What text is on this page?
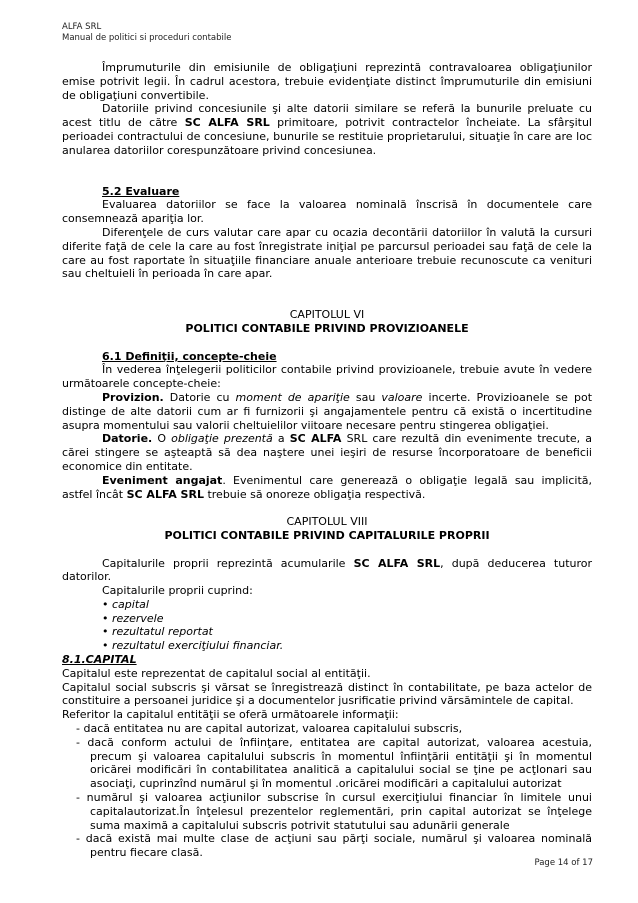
ALFA SRL
Manual de politici si proceduri contabile

Împrumuturile din emisiunile de obligaţiuni reprezintă contravaloarea obligaţiunilor emise potrivit legii. În cadrul acestora, trebuie evidenţiate distinct împrumuturile din emisiuni de obligaţiuni convertibile.

Datoriile privind concesiunile şi alte datorii similare se referă la bunurile preluate cu acest titlu de către SC ALFA SRL primitoare, potrivit contractelor încheiate. La sfârşitul perioadei contractului de concesiune, bunurile se restituie proprietarului, situaţie în care are loc anularea datoriilor corespunzătoare privind concesiunea.

5.2 Evaluare

Evaluarea datoriilor se face la valoarea nominală înscrisă în documentele care consemnează apariţia lor.

Diferenţele de curs valutar care apar cu ocazia decontării datoriilor în valută la cursuri diferite faţă de cele la care au fost înregistrate iniţial pe parcursul perioadei sau faţă de cele la care au fost raportate în situaţiile financiare anuale anterioare trebuie recunoscute ca venituri sau cheltuieli în perioada în care apar.

CAPITOLUL VI

POLITICI CONTABILE PRIVIND PROVIZIOANELE

6.1 Definiţii, concepte-cheie

În vederea înţelegerii politicilor contabile privind provizioanele, trebuie avute în vedere următoarele concepte-cheie:

Provizion. Datorie cu moment de apariţie sau valoare incerte. Provizioanele se pot distinge de alte datorii cum ar fi furnizorii şi angajamentele pentru că există o incertitudine asupra momentului sau valorii cheltuielilor viitoare necesare pentru stingerea obligaţiei.

Datorie. O obligaţie prezentă a SC ALFA SRL care rezultă din evenimente trecute, a cărei stingere se aşteaptă să dea naştere unei ieşiri de resurse încorporatoare de beneficii economice din entitate.

Eveniment angajat. Evenimentul care generează o obligaţie legală sau implicită, astfel încât SC ALFA SRL trebuie să onoreze obligaţia respectivă.

CAPITOLUL VIII

POLITICI CONTABILE PRIVIND CAPITALURILE PROPRII

Capitalurile proprii reprezintă acumularile SC ALFA SRL, după deducerea tuturor datorilor.

Capitalurile proprii cuprind:

• capital
• rezervele
• rezultatul reportat
• rezultatul exerciţiului financiar.

8.1.CAPITAL

Capitalul este reprezentat de capitalul social al entităţii.

Capitalul social subscris şi vărsat se înregistrează distinct în contabilitate, pe baza actelor de constituire a persoanei juridice şi a documentelor jusrificatie privind vărsămintele de capital.

Referitor la capitalul entităţii se oferă următoarele informaţii:

- dacă entitatea nu are capital autorizat, valoarea capitalului subscris,
- dacă conform actului de înfiinţare, entitatea are capital autorizat, valoarea acestuia, precum şi valoarea capitalului subscris în momentul înfiinţării entităţii şi în momentul oricărei modificări în contabilitatea analitică a capitalului social se ţine pe acţIonari sau asociaţi, cuprinzînd numărul şi în momentul .oricărei modificări a capitalului autorizat
- numărul şi valoarea acţiunilor subscrise în cursul exerciţiului financiar în limitele unui capitalautorizat.În înţelesul prezentelor reglementări, prin capital autorizat se înţelege suma maximă a capitalului subscris potrivit statutului sau adunării generale
- dacă există mai multe clase de acţiuni sau părţi sociale, numărul şi valoarea nominală pentru fiecare clasă.
Page 14 of 17
